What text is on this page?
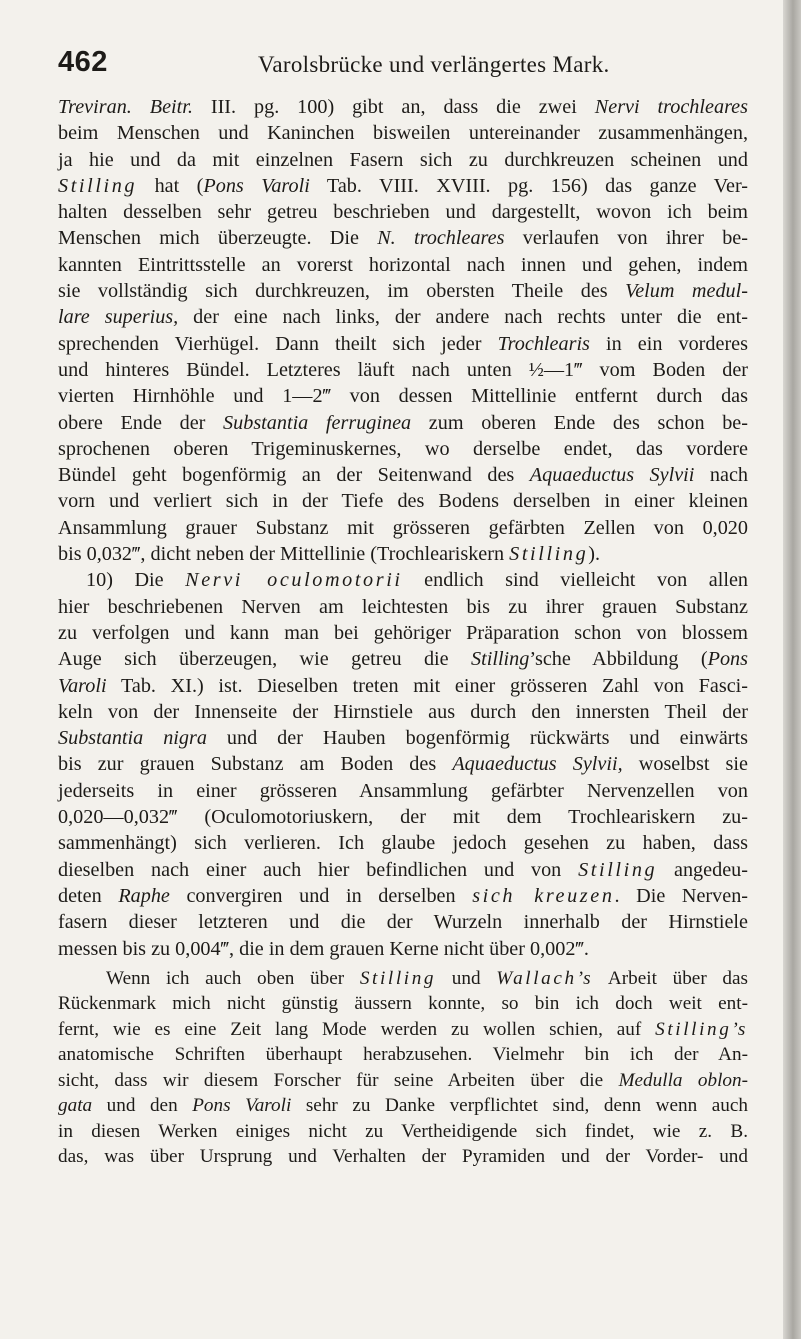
462	Varolsbrücke und verlängertes Mark.
Treviran. Beitr. III. pg. 100) gibt an, dass die zwei Nervi trochleares
beim Menschen und Kaninchen bisweilen untereinander zusammenhängen,
ja hie und da mit einzelnen Fasern sich zu durchkreuzen scheinen und
Stilling hat (Pons Varoli Tab. VIII. XVIII. pg. 156) das ganze Ver-
halten desselben sehr getreu beschrieben und dargestellt, wovon ich beim
Menschen mich überzeugte. Die N. trochleares verlaufen von ihrer be-
kannten Eintrittsstelle an vorerst horizontal nach innen und gehen, indem
sie vollständig sich durchkreuzen, im obersten Theile des Velum medul-
lare superius, der eine nach links, der andere nach rechts unter die ent-
sprechenden Vierhügel. Dann theilt sich jeder Trochlearis in ein vorderes
und hinteres Bündel. Letzteres läuft nach unten ½—1‴ vom Boden der
vierten Hirnhöhle und 1—2‴ von dessen Mittellinie entfernt durch das
obere Ende der Substantia ferruginea zum oberen Ende des schon be-
sprochenen oberen Trigeminuskernes, wo derselbe endet, das vordere
Bündel geht bogenförmig an der Seitenwand des Aquaeductus Sylvii nach
vorn und verliert sich in der Tiefe des Bodens derselben in einer kleinen
Ansammlung grauer Substanz mit grösseren gefärbten Zellen von 0,020
bis 0,032‴, dicht neben der Mittellinie (Trochleariskern Stilling).
10) Die Nervi oculomotorii endlich sind vielleicht von allen
hier beschriebenen Nerven am leichtesten bis zu ihrer grauen Substanz
zu verfolgen und kann man bei gehöriger Präparation schon von blossem
Auge sich überzeugen, wie getreu die Stilling’sche Abbildung (Pons
Varoli Tab. XI.) ist. Dieselben treten mit einer grösseren Zahl von Fasci-
keln von der Innenseite der Hirnstiele aus durch den innersten Theil der
Substantia nigra und der Hauben bogenförmig rückwärts und einwärts
bis zur grauen Substanz am Boden des Aquaeductus Sylvii, woselbst sie
jederseits in einer grösseren Ansammlung gefärbter Nervenzellen von
0,020—0,032‴ (Oculomotoriuskern, der mit dem Trochleariskern zu-
sammenhängt) sich verlieren. Ich glaube jedoch gesehen zu haben, dass
dieselben nach einer auch hier befindlichen und von Stilling angedeu-
deten Raphe convergiren und in derselben sich kreuzen. Die Nerven-
fasern dieser letzteren und die der Wurzeln innerhalb der Hirnstiele
messen bis zu 0,004‴, die in dem grauen Kerne nicht über 0,002‴.
Wenn ich auch oben über Stilling und Wallach’s Arbeit über das
Rückenmark mich nicht günstig äussern konnte, so bin ich doch weit ent-
fernt, wie es eine Zeit lang Mode werden zu wollen schien, auf Stilling’s
anatomische Schriften überhaupt herabzusehen. Vielmehr bin ich der An-
sicht, dass wir diesem Forscher für seine Arbeiten über die Medulla oblon-
gata und den Pons Varoli sehr zu Danke verpflichtet sind, denn wenn auch
in diesen Werken einiges nicht zu Vertheidigende sich findet, wie z. B.
das, was über Ursprung und Verhalten der Pyramiden und der Vorder- und
